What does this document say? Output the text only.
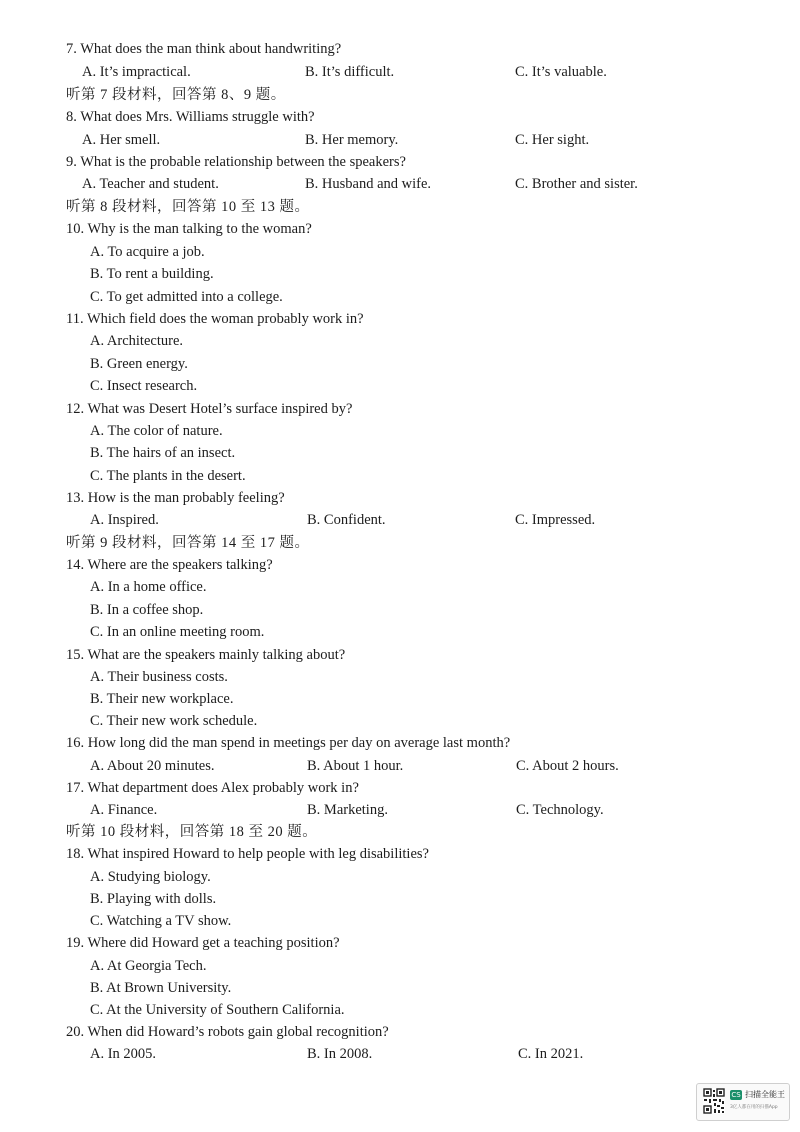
7. What does the man think about handwriting?
A. It’s impractical.	B. It’s difficult.	C. It’s valuable.
听第 7 段材料，回答第 8、9 题。
8. What does Mrs. Williams struggle with?
A. Her smell.	B. Her memory.	C. Her sight.
9. What is the probable relationship between the speakers?
A. Teacher and student.	B. Husband and wife.	C. Brother and sister.
听第 8 段材料，回答第 10 至 13 题。
10. Why is the man talking to the woman?
A. To acquire a job.
B. To rent a building.
C. To get admitted into a college.
11. Which field does the woman probably work in?
A. Architecture.
B. Green energy.
C. Insect research.
12. What was Desert Hotel’s surface inspired by?
A. The color of nature.
B. The hairs of an insect.
C. The plants in the desert.
13. How is the man probably feeling?
A. Inspired.	B. Confident.	C. Impressed.
听第 9 段材料，回答第 14 至 17 题。
14. Where are the speakers talking?
A. In a home office.
B. In a coffee shop.
C. In an online meeting room.
15. What are the speakers mainly talking about?
A. Their business costs.
B. Their new workplace.
C. Their new work schedule.
16. How long did the man spend in meetings per day on average last month?
A. About 20 minutes.	B. About 1 hour.	C. About 2 hours.
17. What department does Alex probably work in?
A. Finance.	B. Marketing.	C. Technology.
听第 10 段材料，回答第 18 至 20 题。
18. What inspired Howard to help people with leg disabilities?
A. Studying biology.
B. Playing with dolls.
C. Watching a TV show.
19. Where did Howard get a teaching position?
A. At Georgia Tech.
B. At Brown University.
C. At the University of Southern California.
20. When did Howard’s robots gain global recognition?
A. In 2005.	B. In 2008.	C. In 2021.
CS 扫描全能王
3亿人都在用的扫描App
